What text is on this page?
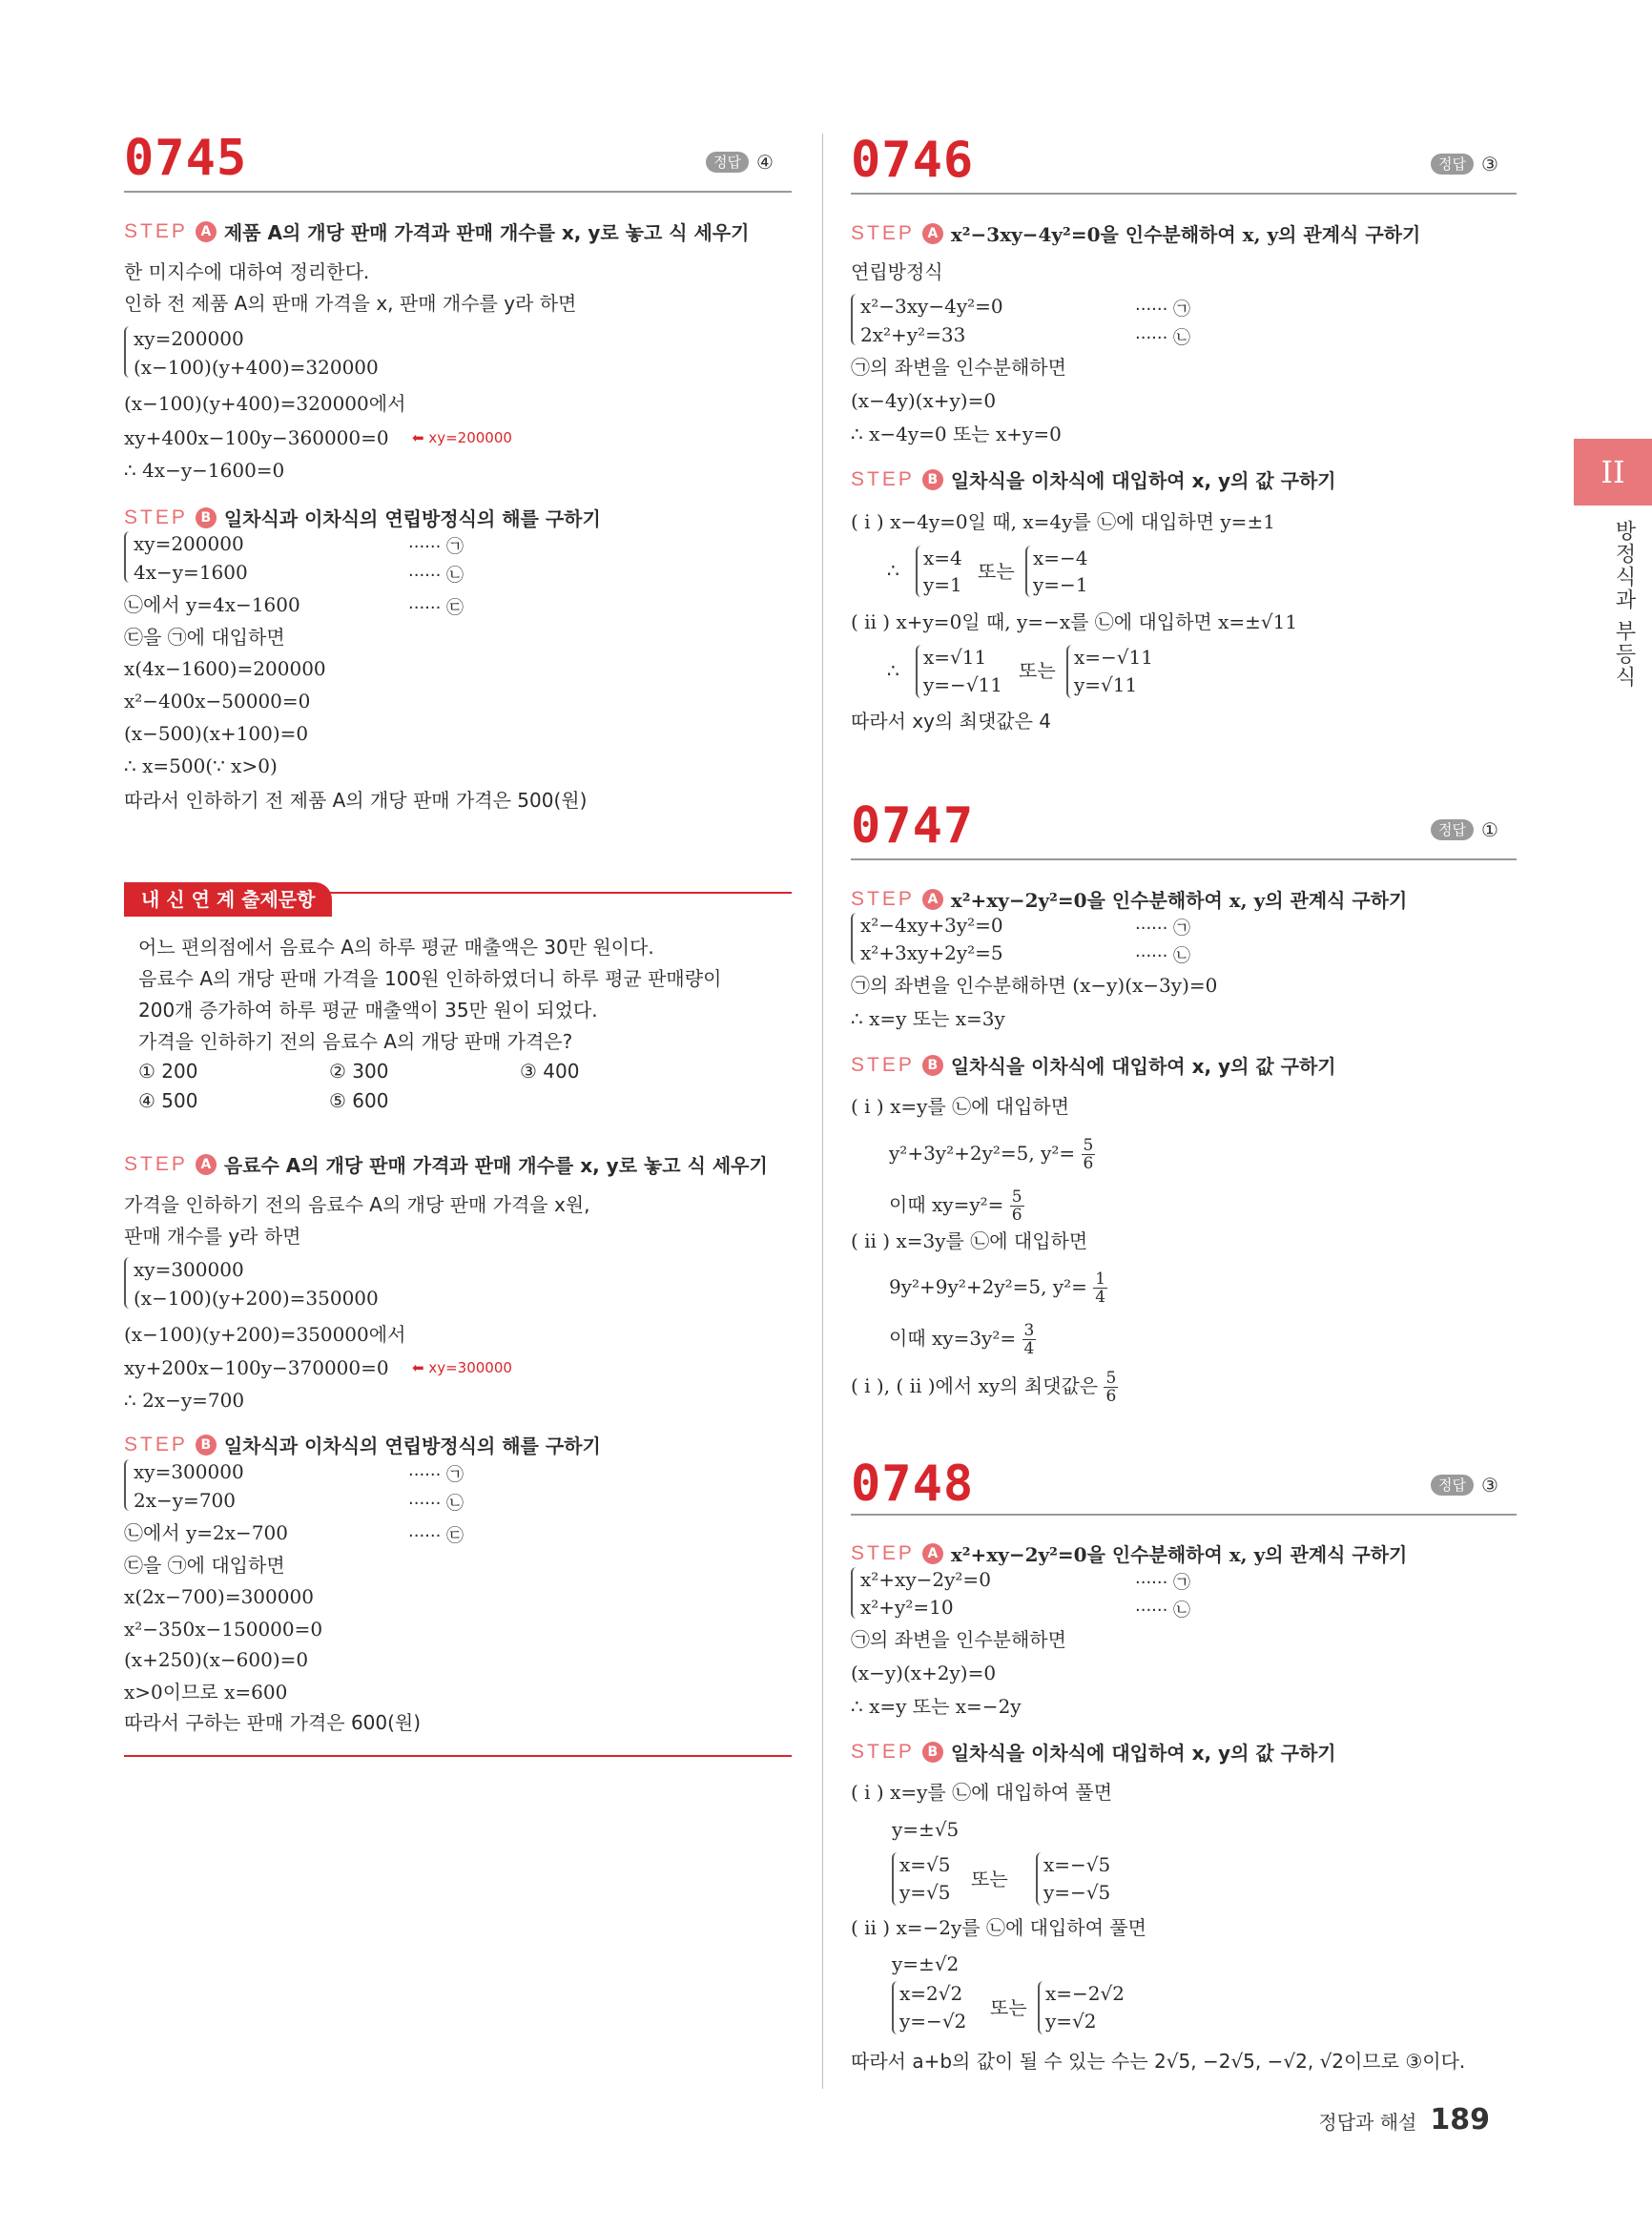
0745	정답 ④
STEP A 제품 A의 개당 판매 가격과 판매 개수를 x, y로 놓고 식 세우기
한 미지수에 대하여 정리한다.
인하 전 제품 A의 판매 가격을 x, 판매 개수를 y라 하면
xy=200000
(x−100)(y+400)=320000
(x−100)(y+400)=320000에서
xy+400x−100y−360000=0 ⬅ xy=200000
∴ 4x−y−1600=0
STEP B 일차식과 이차식의 연립방정식의 해를 구하기
xy=200000	······ ㉠
4x−y=1600	······ ㉡
㉡에서 y=4x−1600	······ ㉢
㉢을 ㉠에 대입하면
x(4x−1600)=200000
x²−400x−50000=0
(x−500)(x+100)=0
∴ x=500(∵ x>0)
따라서 인하하기 전 제품 A의 개당 판매 가격은 500(원)
내 신 연 계 출제문항
어느 편의점에서 음료수 A의 하루 평균 매출액은 30만 원이다.
음료수 A의 개당 판매 가격을 100원 인하하였더니 하루 평균 판매량이
200개 증가하여 하루 평균 매출액이 35만 원이 되었다.
가격을 인하하기 전의 음료수 A의 개당 판매 가격은?
① 200	② 300	③ 400
④ 500	⑤ 600
STEP A 음료수 A의 개당 판매 가격과 판매 개수를 x, y로 놓고 식 세우기
가격을 인하하기 전의 음료수 A의 개당 판매 가격을 x원,
판매 개수를 y라 하면
xy=300000
(x−100)(y+200)=350000
(x−100)(y+200)=350000에서
xy+200x−100y−370000=0 ⬅ xy=300000
∴ 2x−y=700
STEP B 일차식과 이차식의 연립방정식의 해를 구하기
xy=300000	······ ㉠
2x−y=700	······ ㉡
㉡에서 y=2x−700	······ ㉢
㉢을 ㉠에 대입하면
x(2x−700)=300000
x²−350x−150000=0
(x+250)(x−600)=0
x>0이므로 x=600
따라서 구하는 판매 가격은 600(원)
0746	정답 ③
STEP A x²−3xy−4y²=0을 인수분해하여 x, y의 관계식 구하기
연립방정식
x²−3xy−4y²=0	······ ㉠
2x²+y²=33	······ ㉡
㉠의 좌변을 인수분해하면
(x−4y)(x+y)=0
∴ x−4y=0 또는 x+y=0
STEP B 일차식을 이차식에 대입하여 x, y의 값 구하기
( i ) x−4y=0일 때, x=4y를 ㉡에 대입하면 y=±1
∴
x=4
y=1
또는
x=−4
y=−1
( ii ) x+y=0일 때, y=−x를 ㉡에 대입하면 x=±√11
∴
x=√11
y=−√11
또는
x=−√11
y=√11
따라서 xy의 최댓값은 4
0747	정답 ①
STEP A x²+xy−2y²=0을 인수분해하여 x, y의 관계식 구하기
x²−4xy+3y²=0	······ ㉠
x²+3xy+2y²=5	······ ㉡
㉠의 좌변을 인수분해하면 (x−y)(x−3y)=0
∴ x=y 또는 x=3y
STEP B 일차식을 이차식에 대입하여 x, y의 값 구하기
( i ) x=y를 ㉡에 대입하면
y²+3y²+2y²=5, $y^2= \frac{5}{6}$
이때 $xy=y^2= \frac{5}{6}$
( ii ) x=3y를 ㉡에 대입하면
9y²+9y²+2y²=5, $y^2= \frac{1}{4}$
이때 $xy=3y^2= \frac{3}{4}$
( i ), ( ii )에서 xy의 최댓값은 $\frac{5}{6}$
0748	정답 ③
STEP A x²+xy−2y²=0을 인수분해하여 x, y의 관계식 구하기
x²+xy−2y²=0	······ ㉠
x²+y²=10	······ ㉡
㉠의 좌변을 인수분해하면
(x−y)(x+2y)=0
∴ x=y 또는 x=−2y
STEP B 일차식을 이차식에 대입하여 x, y의 값 구하기
( i ) x=y를 ㉡에 대입하여 풀면
y=±√5
x=√5
y=√5
또는
x=−√5
y=−√5
( ii ) x=−2y를 ㉡에 대입하여 풀면
y=±√2
x=2√2
y=−√2
또는
x=−2√2
y=√2
따라서 a+b의 값이 될 수 있는 수는 2√5, −2√5, −√2, √2이므로 ③이다.
II
방정식과 부등식
정답과 해설 189
